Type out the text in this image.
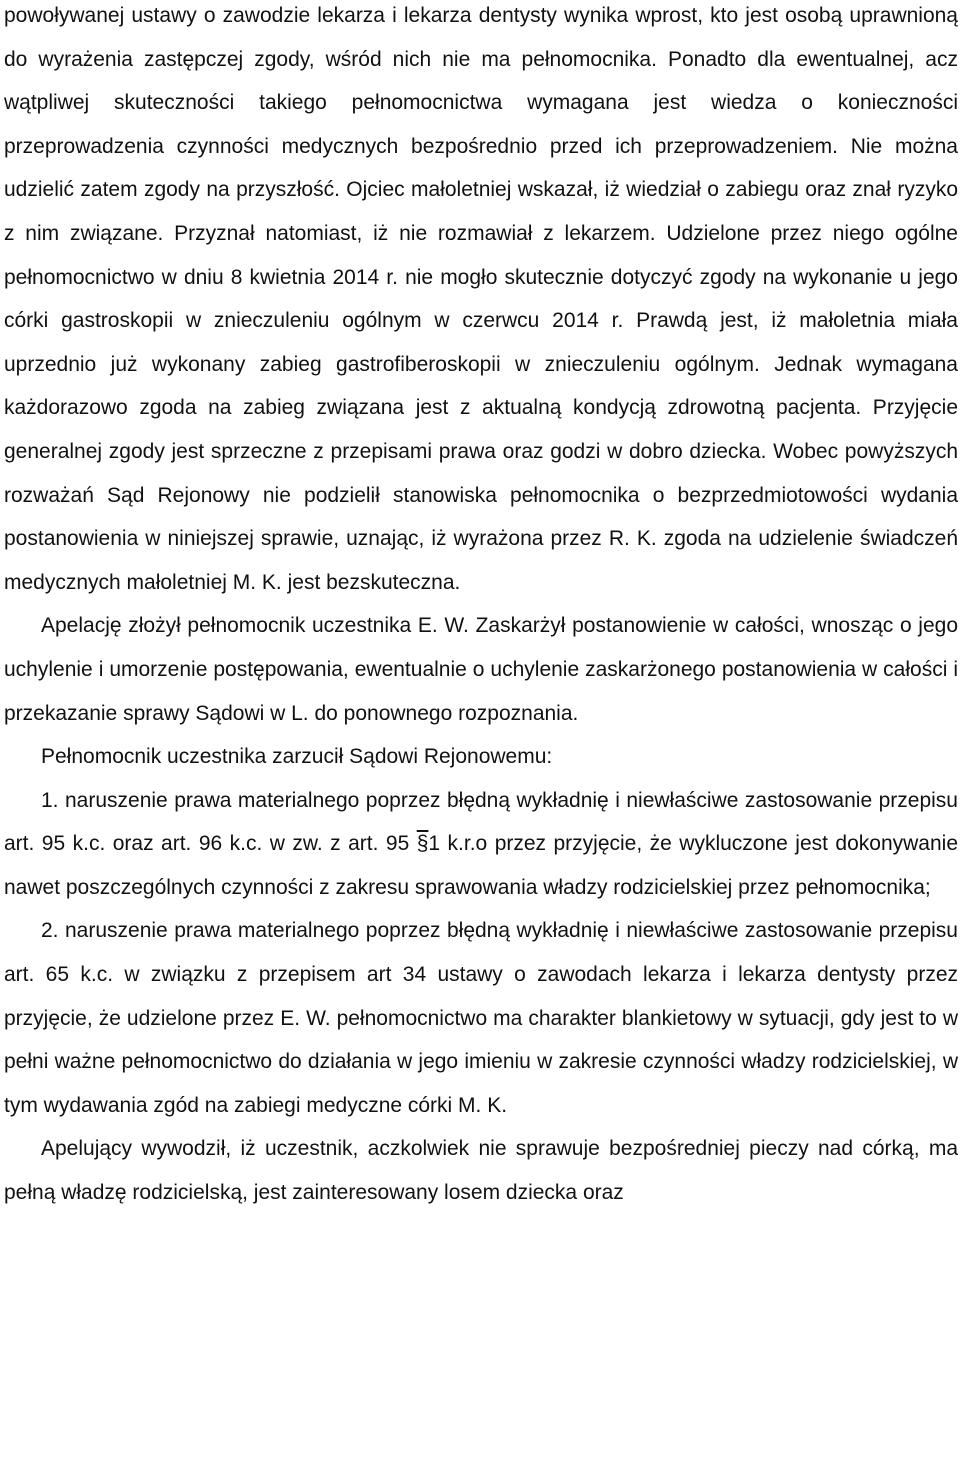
powoływanej ustawy o zawodzie lekarza i lekarza dentysty wynika wprost, kto jest osobą uprawnioną do wyrażenia zastępczej zgody, wśród nich nie ma pełnomocnika. Ponadto dla ewentualnej, acz wątpliwej skuteczności takiego pełnomocnictwa wymagana jest wiedza o konieczności przeprowadzenia czynności medycznych bezpośrednio przed ich przeprowadzeniem. Nie można udzielić zatem zgody na przyszłość. Ojciec małoletniej wskazał, iż wiedział o zabiegu oraz znał ryzyko z nim związane. Przyznał natomiast, iż nie rozmawiał z lekarzem. Udzielone przez niego ogólne pełnomocnictwo w dniu 8 kwietnia 2014 r. nie mogło skutecznie dotyczyć zgody na wykonanie u jego córki gastroskopii w znieczuleniu ogólnym w czerwcu 2014 r. Prawdą jest, iż małoletnia miała uprzednio już wykonany zabieg gastrofiberoskopii w znieczuleniu ogólnym. Jednak wymagana każdorazowo zgoda na zabieg związana jest z aktualną kondycją zdrowotną pacjenta. Przyjęcie generalnej zgody jest sprzeczne z przepisami prawa oraz godzi w dobro dziecka. Wobec powyższych rozważań Sąd Rejonowy nie podzielił stanowiska pełnomocnika o bezprzedmiotowości wydania postanowienia w niniejszej sprawie, uznając, iż wyrażona przez R. K. zgoda na udzielenie świadczeń medycznych małoletniej M. K. jest bezskuteczna.

Apelację złożył pełnomocnik uczestnika E. W. Zaskarżył postanowienie w całości, wnosząc o jego uchylenie i umorzenie postępowania, ewentualnie o uchylenie zaskarżonego postanowienia w całości i przekazanie sprawy Sądowi w L. do ponownego rozpoznania.

Pełnomocnik uczestnika zarzucił Sądowi Rejonowemu:

1. naruszenie prawa materialnego poprzez błędną wykładnię i niewłaściwe zastosowanie przepisu art. 95 k.c. oraz art. 96 k.c. w zw. z art. 95 §1 k.r.o przez przyjęcie, że wykluczone jest dokonywanie nawet poszczególnych czynności z zakresu sprawowania władzy rodzicielskiej przez pełnomocnika;

2. naruszenie prawa materialnego poprzez błędną wykładnię i niewłaściwe zastosowanie przepisu art. 65 k.c. w związku z przepisem art 34 ustawy o zawodach lekarza i lekarza dentysty przez przyjęcie, że udzielone przez E. W. pełnomocnictwo ma charakter blankietowy w sytuacji, gdy jest to w pełni ważne pełnomocnictwo do działania w jego imieniu w zakresie czynności władzy rodzicielskiej, w tym wydawania zgód na zabiegi medyczne córki M. K.

Apelujący wywodził, iż uczestnik, aczkolwiek nie sprawuje bezpośredniej pieczy nad córką, ma pełną władzę rodzicielską, jest zainteresowany losem dziecka oraz
